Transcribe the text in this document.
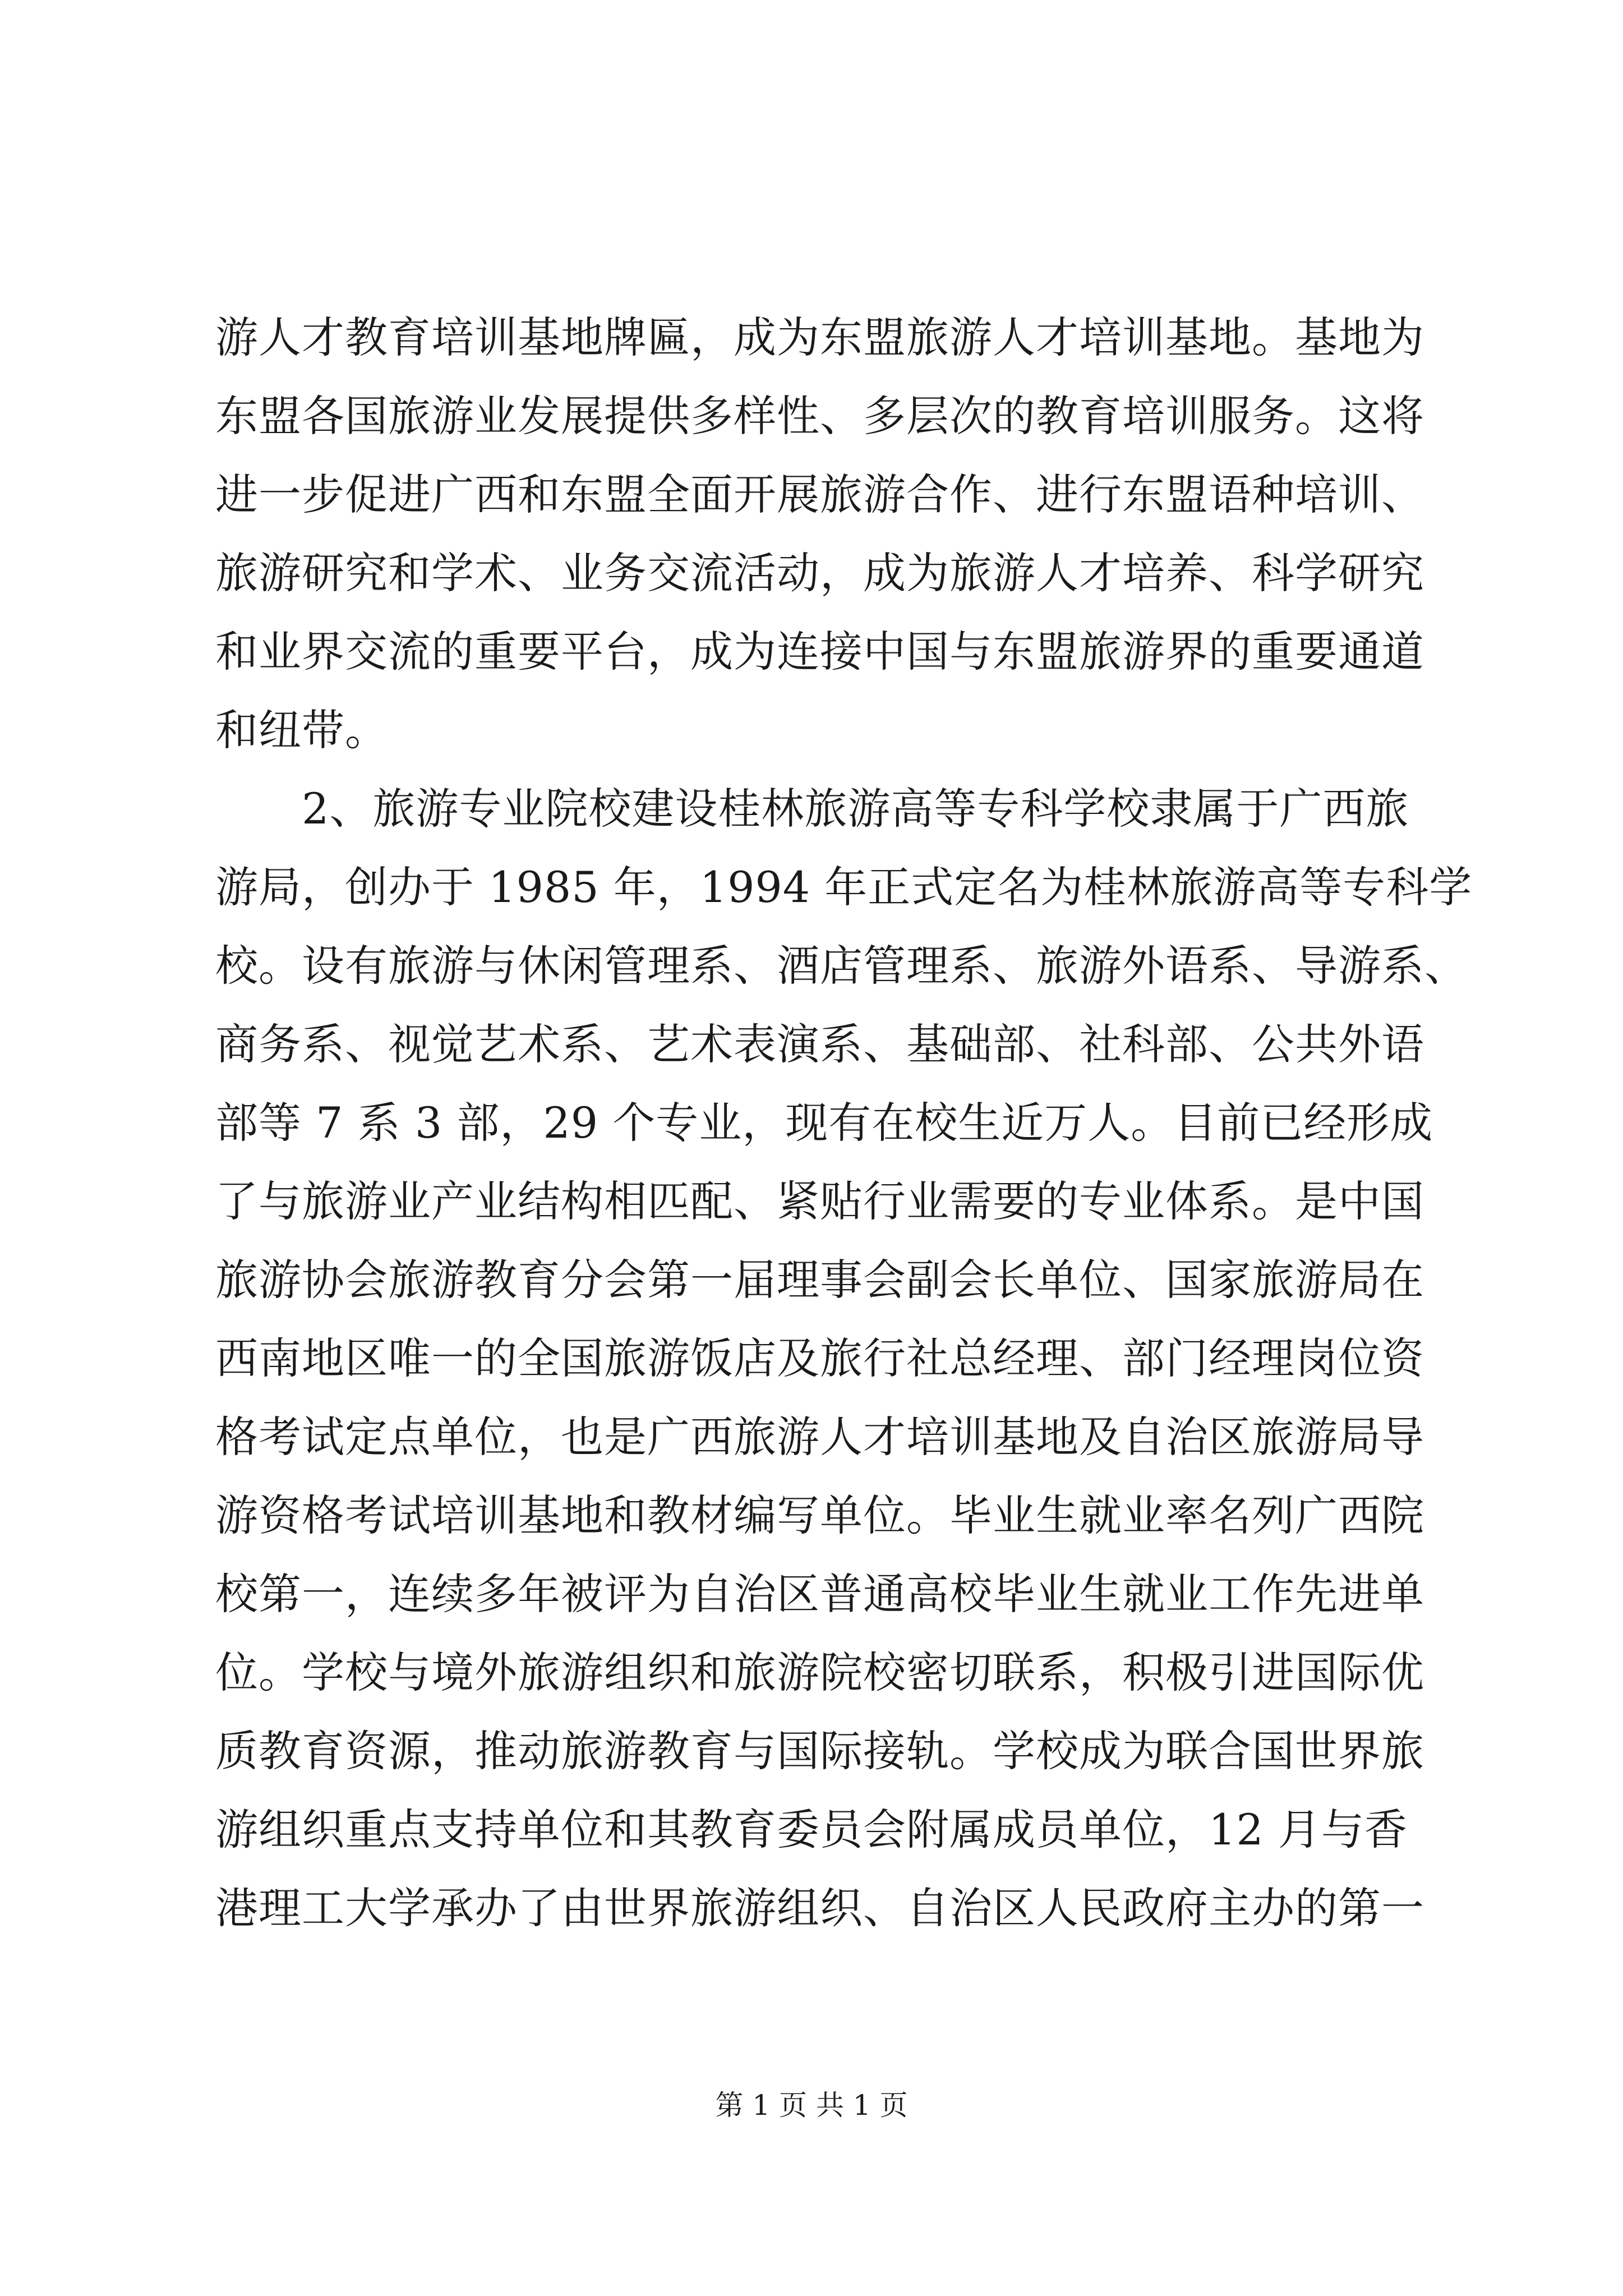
游人才教育培训基地牌匾，成为东盟旅游人才培训基地。基地为
东盟各国旅游业发展提供多样性、多层次的教育培训服务。这将
进一步促进广西和东盟全面开展旅游合作、进行东盟语种培训、
旅游研究和学术、业务交流活动，成为旅游人才培养、科学研究
和业界交流的重要平台，成为连接中国与东盟旅游界的重要通道
和纽带。
　　2、旅游专业院校建设桂林旅游高等专科学校隶属于广西旅
游局，创办于 1985 年，1994 年正式定名为桂林旅游高等专科学
校。设有旅游与休闲管理系、酒店管理系、旅游外语系、导游系、
商务系、视觉艺术系、艺术表演系、基础部、社科部、公共外语
部等 7 系 3 部，29 个专业，现有在校生近万人。目前已经形成
了与旅游业产业结构相匹配、紧贴行业需要的专业体系。是中国
旅游协会旅游教育分会第一届理事会副会长单位、国家旅游局在
西南地区唯一的全国旅游饭店及旅行社总经理、部门经理岗位资
格考试定点单位，也是广西旅游人才培训基地及自治区旅游局导
游资格考试培训基地和教材编写单位。毕业生就业率名列广西院
校第一，连续多年被评为自治区普通高校毕业生就业工作先进单
位。学校与境外旅游组织和旅游院校密切联系，积极引进国际优
质教育资源，推动旅游教育与国际接轨。学校成为联合国世界旅
游组织重点支持单位和其教育委员会附属成员单位，12 月与香
港理工大学承办了由世界旅游组织、自治区人民政府主办的第一
第 1 页 共 1 页
